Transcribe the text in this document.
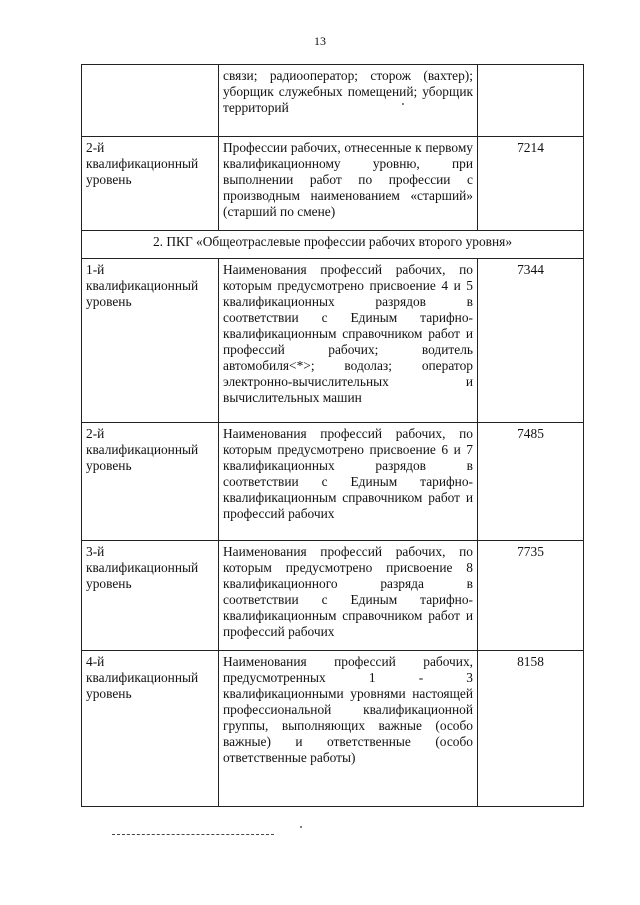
13
	связи; радиооператор; сторож (вахтер); уборщик служебных помещений; уборщик территорий	
2-й квалификационный уровень	Профессии рабочих, отнесенные к первому квалификационному уровню, при выполнении работ по профессии с производным наименованием «старший» (старший по смене)	7214
2. ПКГ «Общеотраслевые профессии рабочих второго уровня»		
1-й квалификационный уровень	Наименования профессий рабочих, по которым предусмотрено присвоение 4 и 5 квалификационных разрядов в соответствии с Единым тарифно-квалификационным справочником работ и профессий рабочих; водитель автомобиля<*>; водолаз; оператор электронно-вычислительных и вычислительных машин	7344
2-й квалификационный уровень	Наименования профессий рабочих, по которым предусмотрено присвоение 6 и 7 квалификационных разрядов в соответствии с Единым тарифно-квалификационным справочником работ и профессий рабочих	7485
3-й квалификационный уровень	Наименования профессий рабочих, по которым предусмотрено присвоение 8 квалификационного разряда в соответствии с Единым тарифно-квалификационным справочником работ и профессий рабочих	7735
4-й квалификационный уровень	Наименования профессий рабочих, предусмотренных 1 - 3 квалификационными уровнями настоящей профессиональной квалификационной группы, выполняющих важные (особо важные) и ответственные (особо ответственные работы)	8158
